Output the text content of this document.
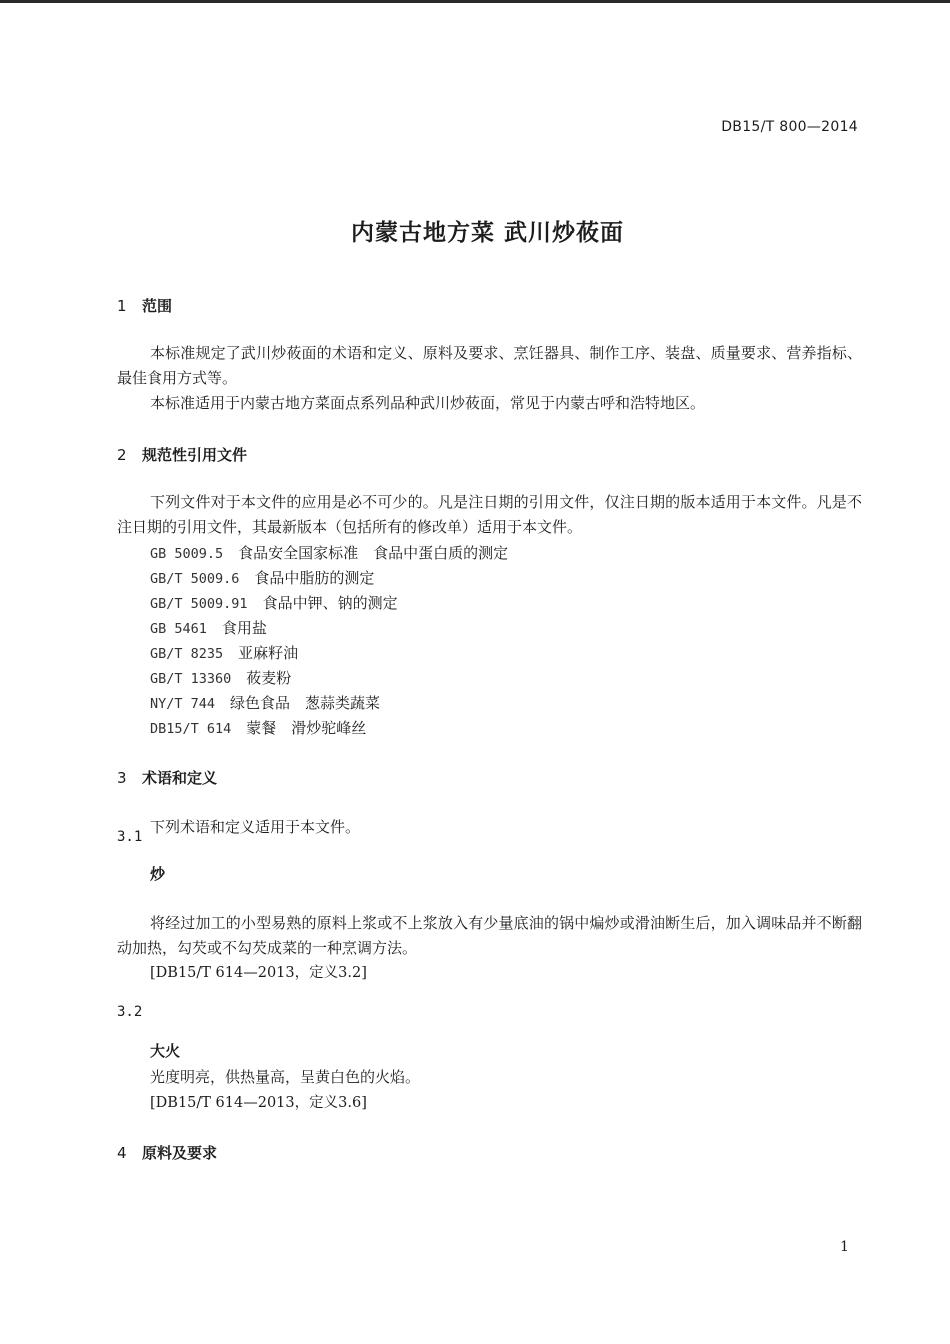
DB15/T 800—2014
内蒙古地方菜 武川炒莜面
1 范围
本标准规定了武川炒莜面的术语和定义、原料及要求、烹饪器具、制作工序、装盘、质量要求、营养指标、最佳食用方式等。
本标准适用于内蒙古地方菜面点系列品种武川炒莜面，常见于内蒙古呼和浩特地区。
2 规范性引用文件
下列文件对于本文件的应用是必不可少的。凡是注日期的引用文件，仅注日期的版本适用于本文件。凡是不注日期的引用文件，其最新版本（包括所有的修改单）适用于本文件。
GB 5009.5　 食品安全国家标准　食品中蛋白质的测定
GB/T 5009.6　 食品中脂肪的测定
GB/T 5009.91　 食品中钾、钠的测定
GB 5461　 食用盐
GB/T 8235　 亚麻籽油
GB/T 13360　 莜麦粉
NY/T 744　 绿色食品　葱蒜类蔬菜
DB15/T 614　 蒙餐　滑炒驼峰丝
3 术语和定义
下列术语和定义适用于本文件。
3.1
炒
将经过加工的小型易熟的原料上浆或不上浆放入有少量底油的锅中煸炒或滑油断生后，加入调味品并不断翻动加热，勾芡或不勾芡成菜的一种烹调方法。
[DB15/T 614—2013，定义3.2]
3.2
大火
光度明亮，供热量高，呈黄白色的火焰。
[DB15/T 614—2013，定义3.6]
4 原料及要求
1
